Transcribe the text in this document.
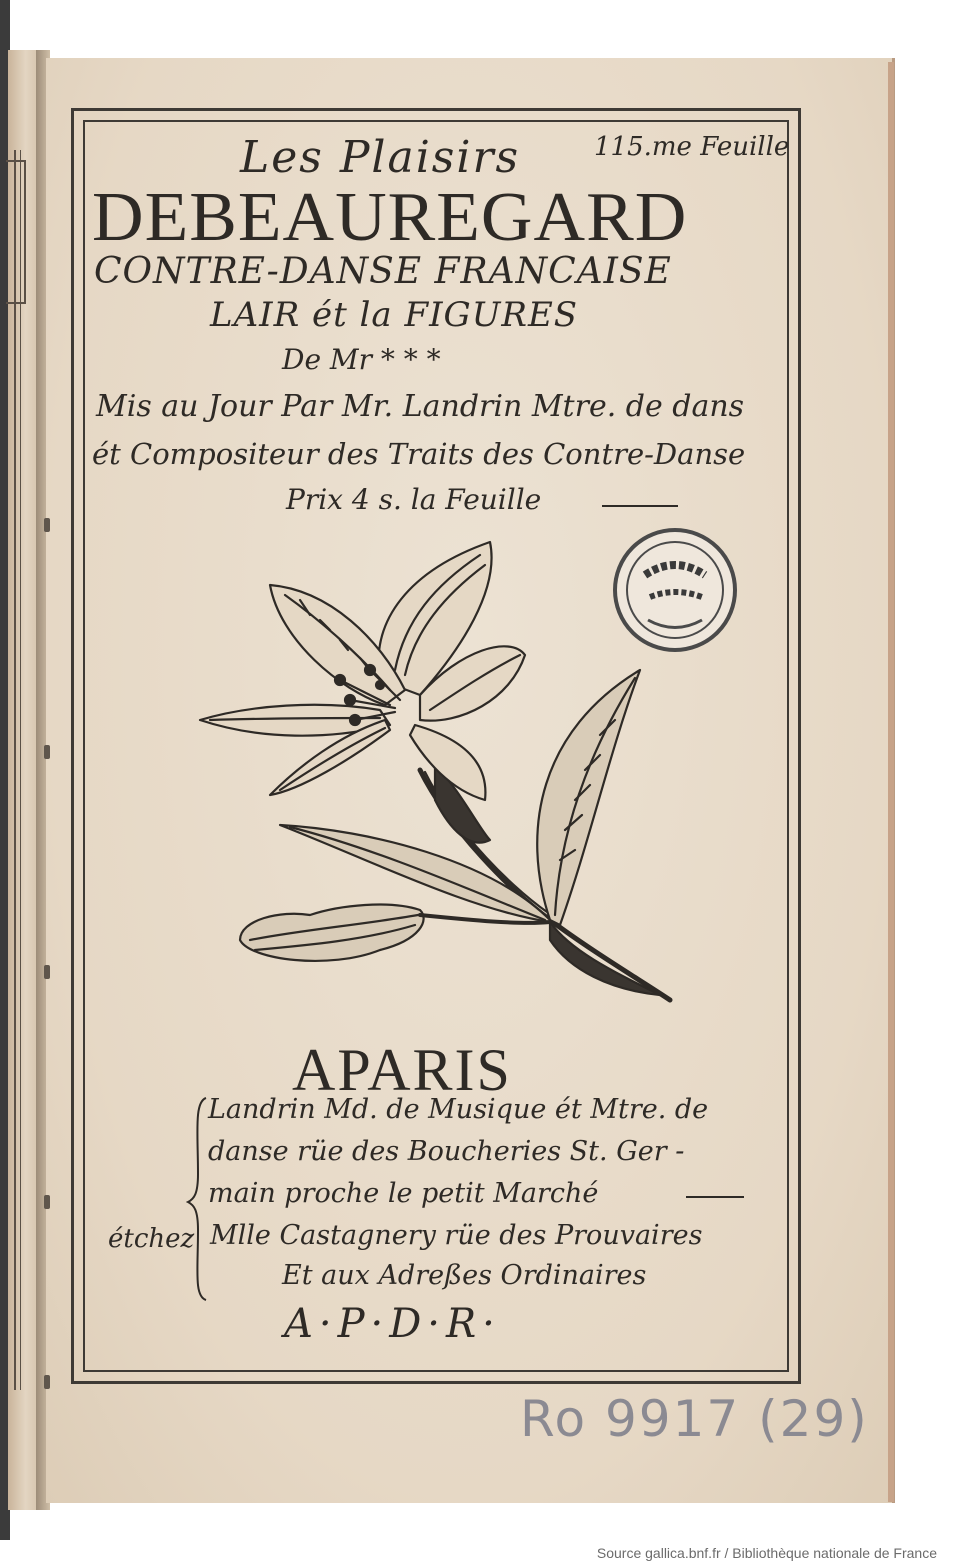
Les Plaisirs	115.me Feuille
DEBEAUREGARD
CONTRE-DANSE FRANCAISE
LAIR ét la FIGURES
De Mr * * *
Mis au Jour Par Mr. Landrin Mtre. de dans
ét Compositeur des Traits des Contre-Danse
Prix 4 s. la Feuille
APARIS
Landrin Md. de Musique ét Mtre. de
danse rüe des Boucheries St. Ger -
main proche le petit Marché
étchez Mlle Castagnery rüe des Prouvaires
Et aux Adreßes Ordinaires
A·P·D·R·
Ro 9917 (29)
Source gallica.bnf.fr / Bibliothèque nationale de France
